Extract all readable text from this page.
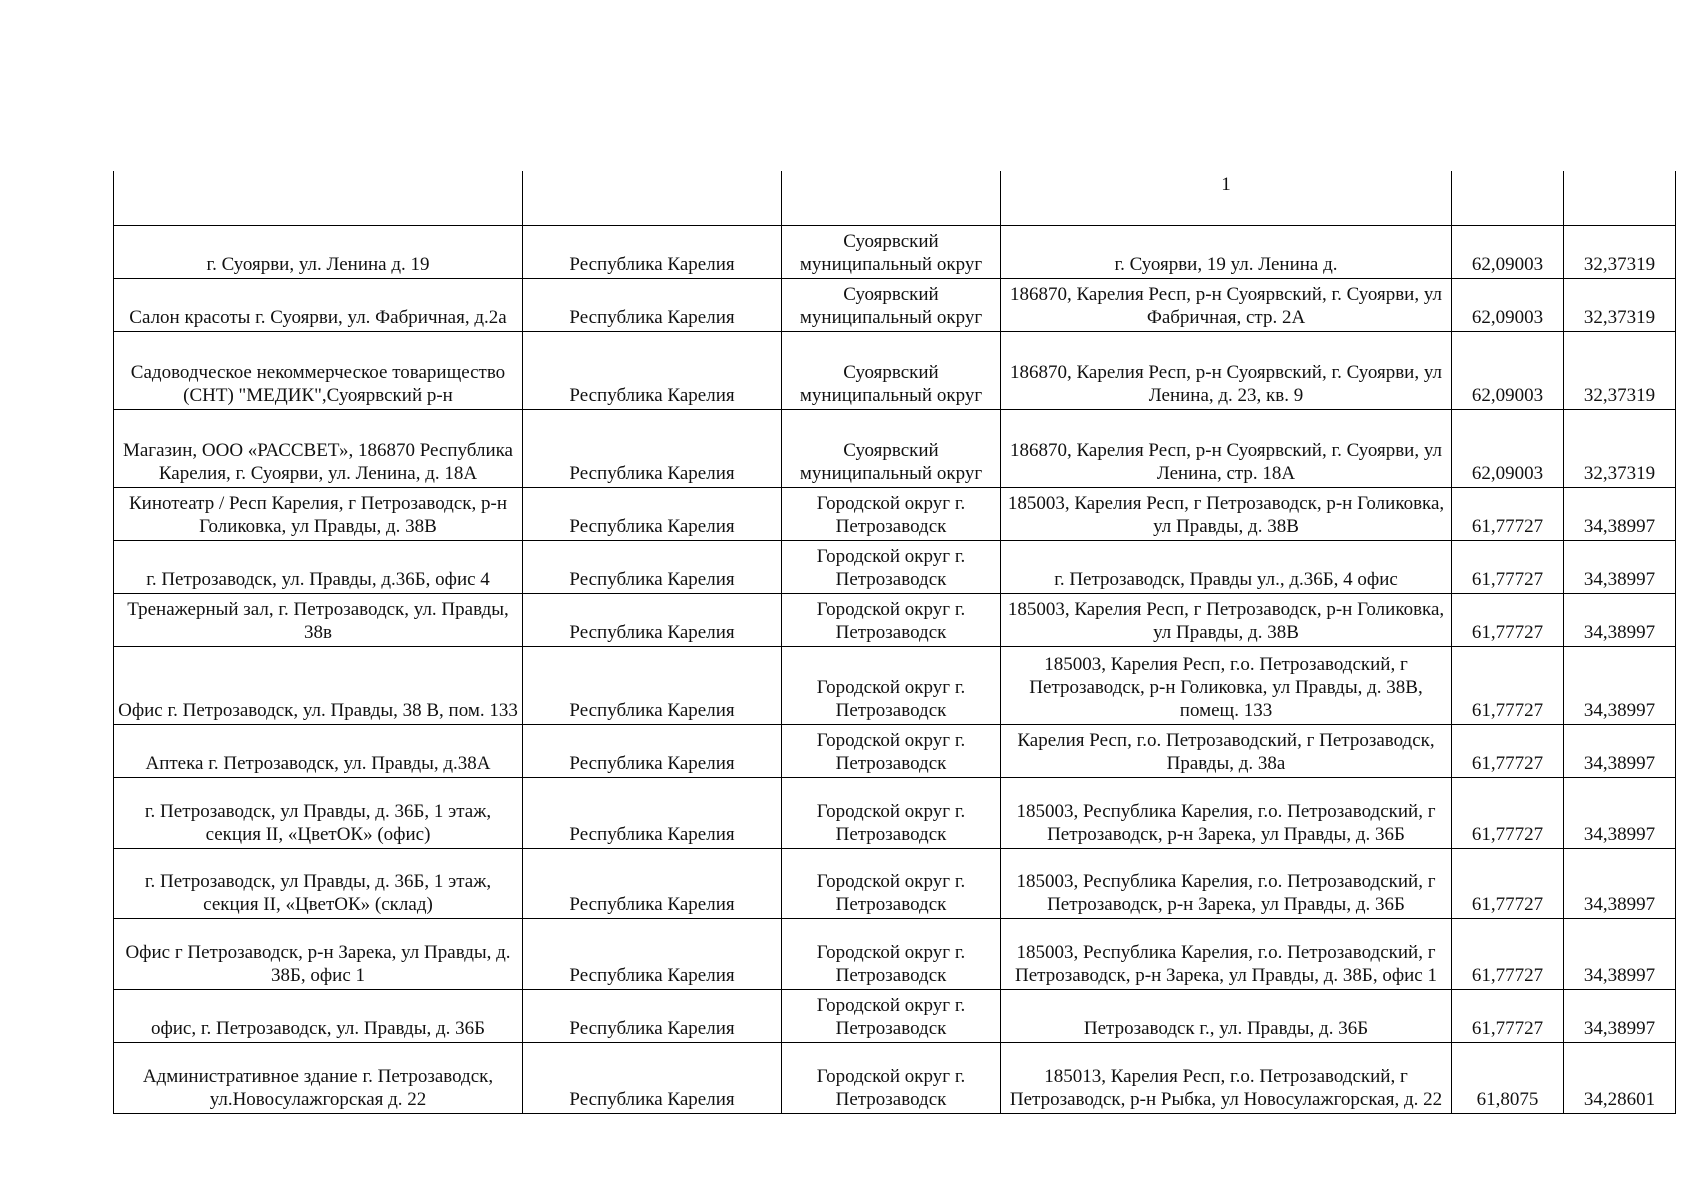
			1		
г. Суоярви, ул. Ленина д. 19	Республика Карелия	Суоярвский муниципальный округ	г. Суоярви, 19 ул. Ленина д.	62,09003	32,37319
Салон красоты г. Суоярви, ул. Фабричная, д.2а	Республика Карелия	Суоярвский муниципальный округ	186870, Карелия Респ, р-н Суоярвский, г. Суоярви, ул Фабричная, стр. 2А	62,09003	32,37319
Садоводческое некоммерческое товарищество (СНТ) "МЕДИК",Суоярвский р-н	Республика Карелия	Суоярвский муниципальный округ	186870, Карелия Респ, р-н Суоярвский, г. Суоярви, ул Ленина, д. 23, кв. 9	62,09003	32,37319
Магазин, ООО «РАССВЕТ», 186870 Республика Карелия, г. Суоярви, ул. Ленина, д. 18А	Республика Карелия	Суоярвский муниципальный округ	186870, Карелия Респ, р-н Суоярвский, г. Суоярви, ул Ленина, стр. 18А	62,09003	32,37319
Кинотеатр / Респ Карелия, г Петрозаводск, р-н Голиковка, ул Правды, д. 38В	Республика Карелия	Городской округ г. Петрозаводск	185003, Карелия Респ, г Петрозаводск, р-н Голиковка, ул Правды, д. 38В	61,77727	34,38997
г. Петрозаводск, ул. Правды, д.36Б, офис 4	Республика Карелия	Городской округ г. Петрозаводск	г. Петрозаводск, Правды ул., д.36Б, 4 офис	61,77727	34,38997
Тренажерный зал, г. Петрозаводск, ул. Правды, 38в	Республика Карелия	Городской округ г. Петрозаводск	185003, Карелия Респ, г Петрозаводск, р-н Голиковка, ул Правды, д. 38В	61,77727	34,38997
Офис г. Петрозаводск, ул. Правды, 38 В, пом. 133	Республика Карелия	Городской округ г. Петрозаводск	185003, Карелия Респ, г.о. Петрозаводский, г Петрозаводск, р-н Голиковка, ул Правды, д. 38В, помещ. 133	61,77727	34,38997
Аптека г. Петрозаводск, ул. Правды, д.38А	Республика Карелия	Городской округ г. Петрозаводск	Карелия Респ, г.о. Петрозаводский, г Петрозаводск, Правды, д. 38а	61,77727	34,38997
г. Петрозаводск, ул Правды, д. 36Б, 1 этаж, секция II, «ЦветОК» (офис)	Республика Карелия	Городской округ г. Петрозаводск	185003, Республика Карелия, г.о. Петрозаводский, г Петрозаводск, р-н Зарека, ул Правды, д. 36Б	61,77727	34,38997
г. Петрозаводск, ул Правды, д. 36Б, 1 этаж, секция II, «ЦветОК» (склад)	Республика Карелия	Городской округ г. Петрозаводск	185003, Республика Карелия, г.о. Петрозаводский, г Петрозаводск, р-н Зарека, ул Правды, д. 36Б	61,77727	34,38997
Офис г Петрозаводск, р-н Зарека, ул Правды, д. 38Б, офис 1	Республика Карелия	Городской округ г. Петрозаводск	185003, Республика Карелия, г.о. Петрозаводский, г Петрозаводск, р-н Зарека, ул Правды, д. 38Б, офис 1	61,77727	34,38997
офис, г. Петрозаводск, ул. Правды, д. 36Б	Республика Карелия	Городской округ г. Петрозаводск	Петрозаводск г., ул. Правды, д. 36Б	61,77727	34,38997
Административное здание г. Петрозаводск, ул.Новосулажгорская д. 22	Республика Карелия	Городской округ г. Петрозаводск	185013, Карелия Респ, г.о. Петрозаводский, г Петрозаводск, р-н Рыбка, ул Новосулажгорская, д. 22	61,8075	34,28601
